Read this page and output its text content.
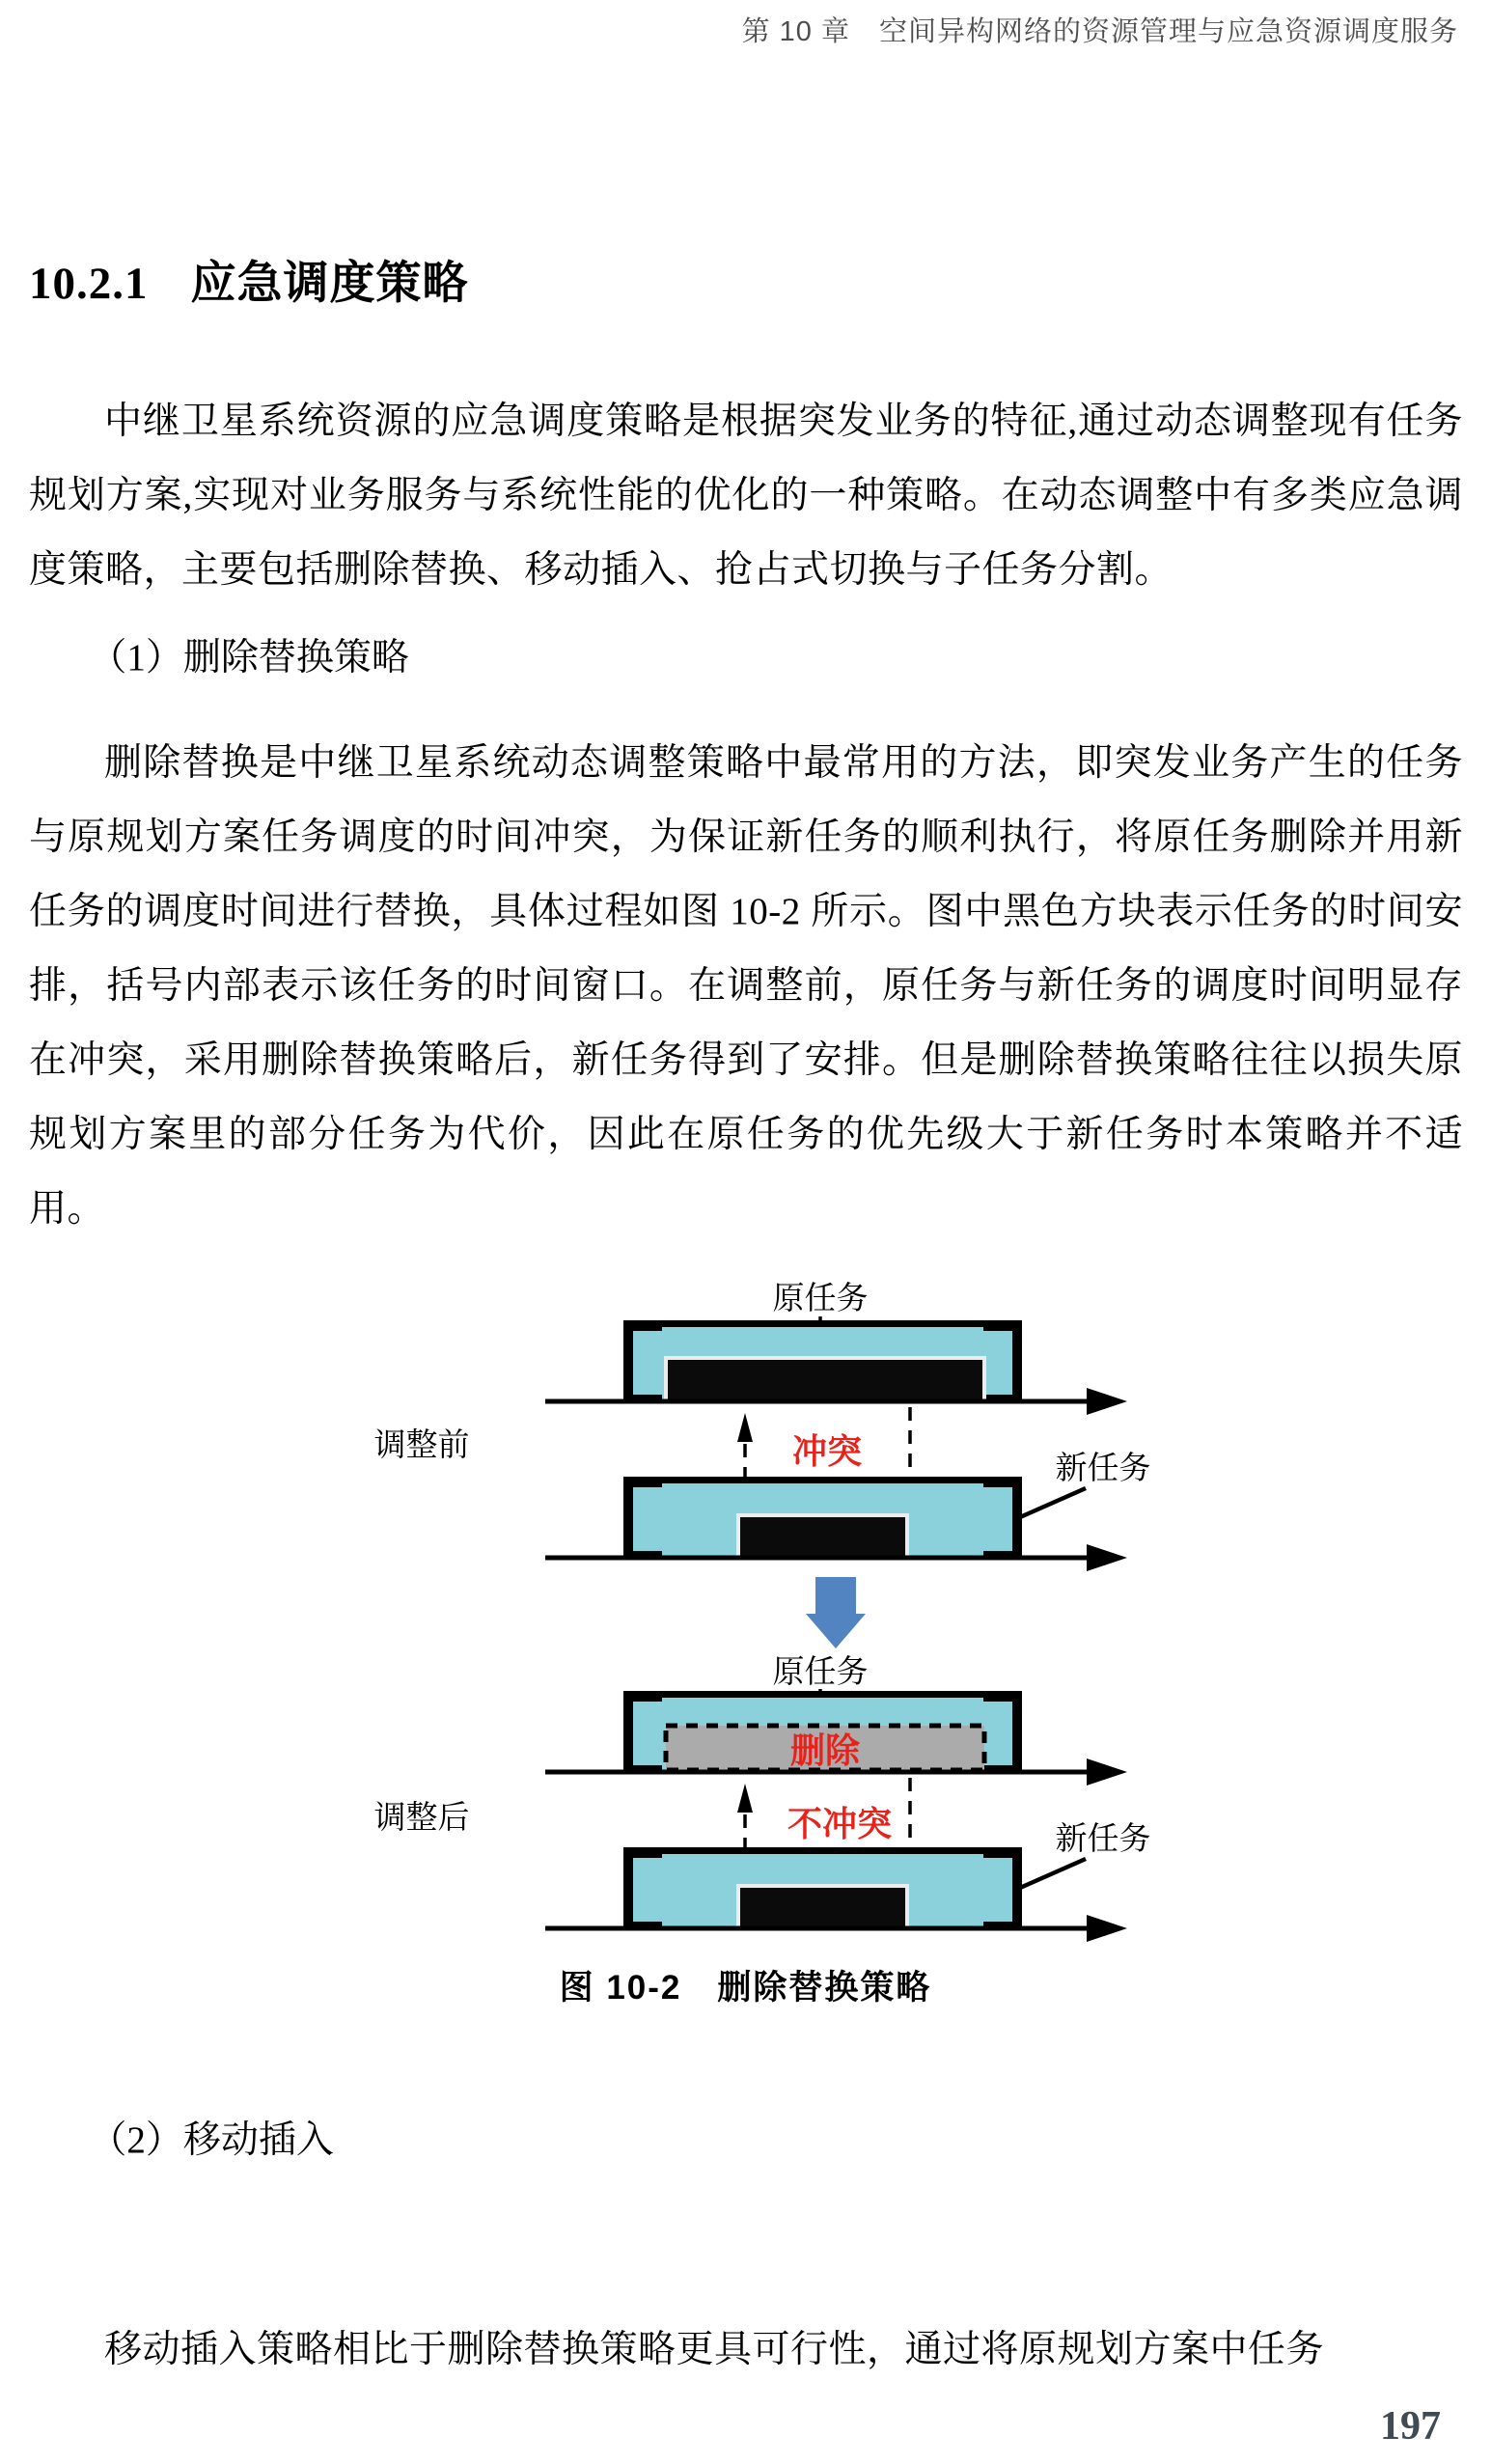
第 10 章　空间异构网络的资源管理与应急资源调度服务
10.2.1 应急调度策略
中继卫星系统资源的应急调度策略是根据突发业务的特征,通过动态调整现有任务规划方案,实现对业务服务与系统性能的优化的一种策略。在动态调整中有多类应急调度策略，主要包括删除替换、移动插入、抢占式切换与子任务分割。
（1）删除替换策略
删除替换是中继卫星系统动态调整策略中最常用的方法，即突发业务产生的任务与原规划方案任务调度的时间冲突，为保证新任务的顺利执行，将原任务删除并用新任务的调度时间进行替换，具体过程如图 10-2 所示。图中黑色方块表示任务的时间安排，括号内部表示该任务的时间窗口。在调整前，原任务与新任务的调度时间明显存在冲突，采用删除替换策略后，新任务得到了安排。但是删除替换策略往往以损失原规划方案里的部分任务为代价，因此在原任务的优先级大于新任务时本策略并不适用。
原任务
调整前	冲突	新任务
原任务
删除
调整后	不冲突	新任务
图 10-2　删除替换策略
（2）移动插入
移动插入策略相比于删除替换策略更具可行性，通过将原规划方案中任务
197
